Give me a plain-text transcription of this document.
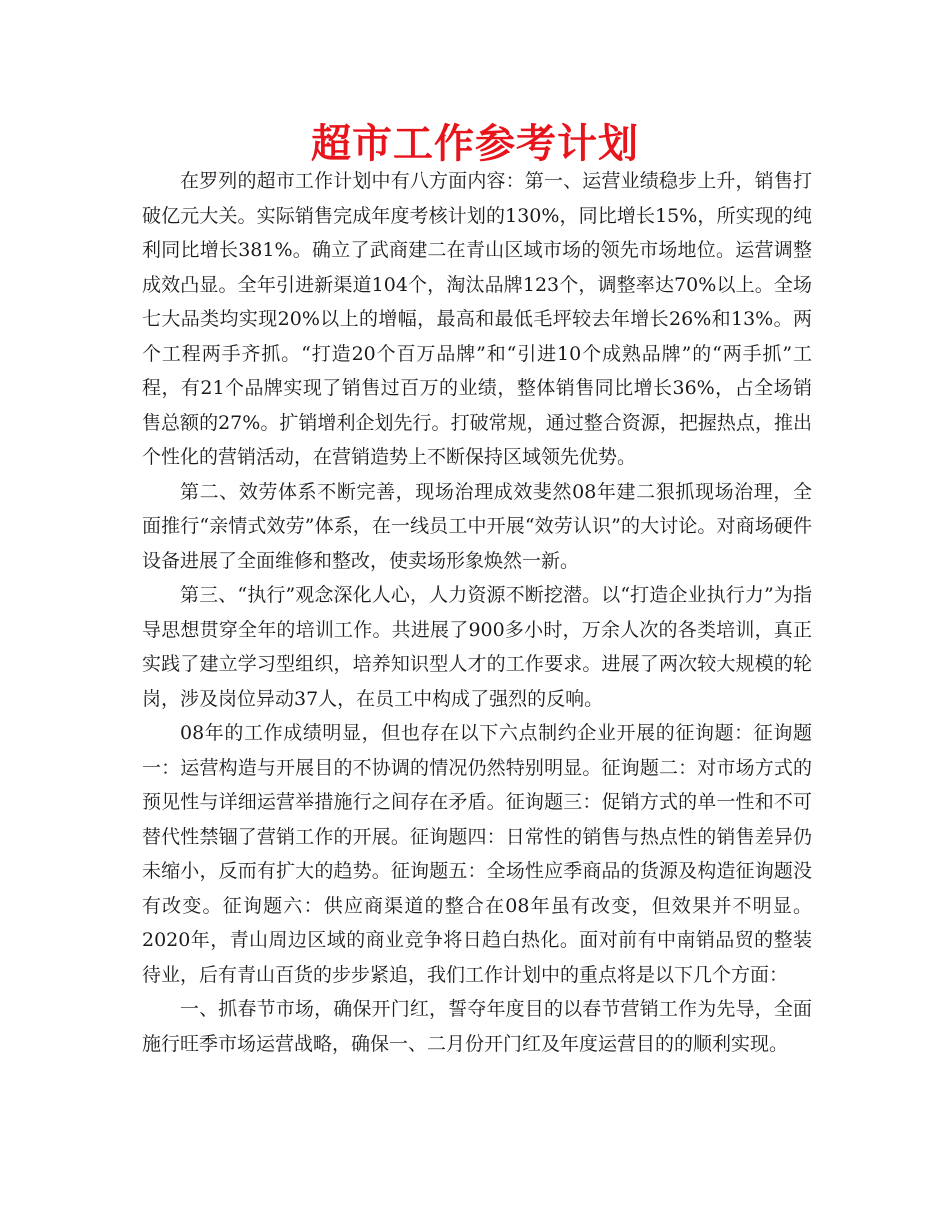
超市工作参考计划

在罗列的超市工作计划中有八方面内容：第一、运营业绩稳步上升，销售打破亿元大关。实际销售完成年度考核计划的130%，同比增长15%，所实现的纯利同比增长381%。确立了武商建二在青山区域市场的领先市场地位。运营调整成效凸显。全年引进新渠道104个，淘汰品牌123个，调整率达70%以上。全场七大品类均实现20%以上的增幅，最高和最低毛坪较去年增长26%和13%。两个工程两手齐抓。“打造20个百万品牌”和“引进10个成熟品牌”的“两手抓”工程，有21个品牌实现了销售过百万的业绩，整体销售同比增长36%，占全场销售总额的27%。扩销增利企划先行。打破常规，通过整合资源，把握热点，推出个性化的营销活动，在营销造势上不断保持区域领先优势。

第二、效劳体系不断完善，现场治理成效斐然08年建二狠抓现场治理，全面推行“亲情式效劳”体系，在一线员工中开展“效劳认识”的大讨论。对商场硬件设备进展了全面维修和整改，使卖场形象焕然一新。

第三、“执行”观念深化人心，人力资源不断挖潜。以“打造企业执行力”为指导思想贯穿全年的培训工作。共进展了900多小时，万余人次的各类培训，真正实践了建立学习型组织，培养知识型人才的工作要求。进展了两次较大规模的轮岗，涉及岗位异动37人，在员工中构成了强烈的反响。

08年的工作成绩明显，但也存在以下六点制约企业开展的征询题：征询题一：运营构造与开展目的不协调的情况仍然特别明显。征询题二：对市场方式的预见性与详细运营举措施行之间存在矛盾。征询题三：促销方式的单一性和不可替代性禁锢了营销工作的开展。征询题四：日常性的销售与热点性的销售差异仍未缩小，反而有扩大的趋势。征询题五：全场性应季商品的货源及构造征询题没有改变。征询题六：供应商渠道的整合在08年虽有改变，但效果并不明显。2020年，青山周边区域的商业竞争将日趋白热化。面对前有中南销品贸的整装待业，后有青山百货的步步紧追，我们工作计划中的重点将是以下几个方面：

一、抓春节市场，确保开门红，誓夺年度目的以春节营销工作为先导，全面施行旺季市场运营战略，确保一、二月份开门红及年度运营目的的顺利实现。
